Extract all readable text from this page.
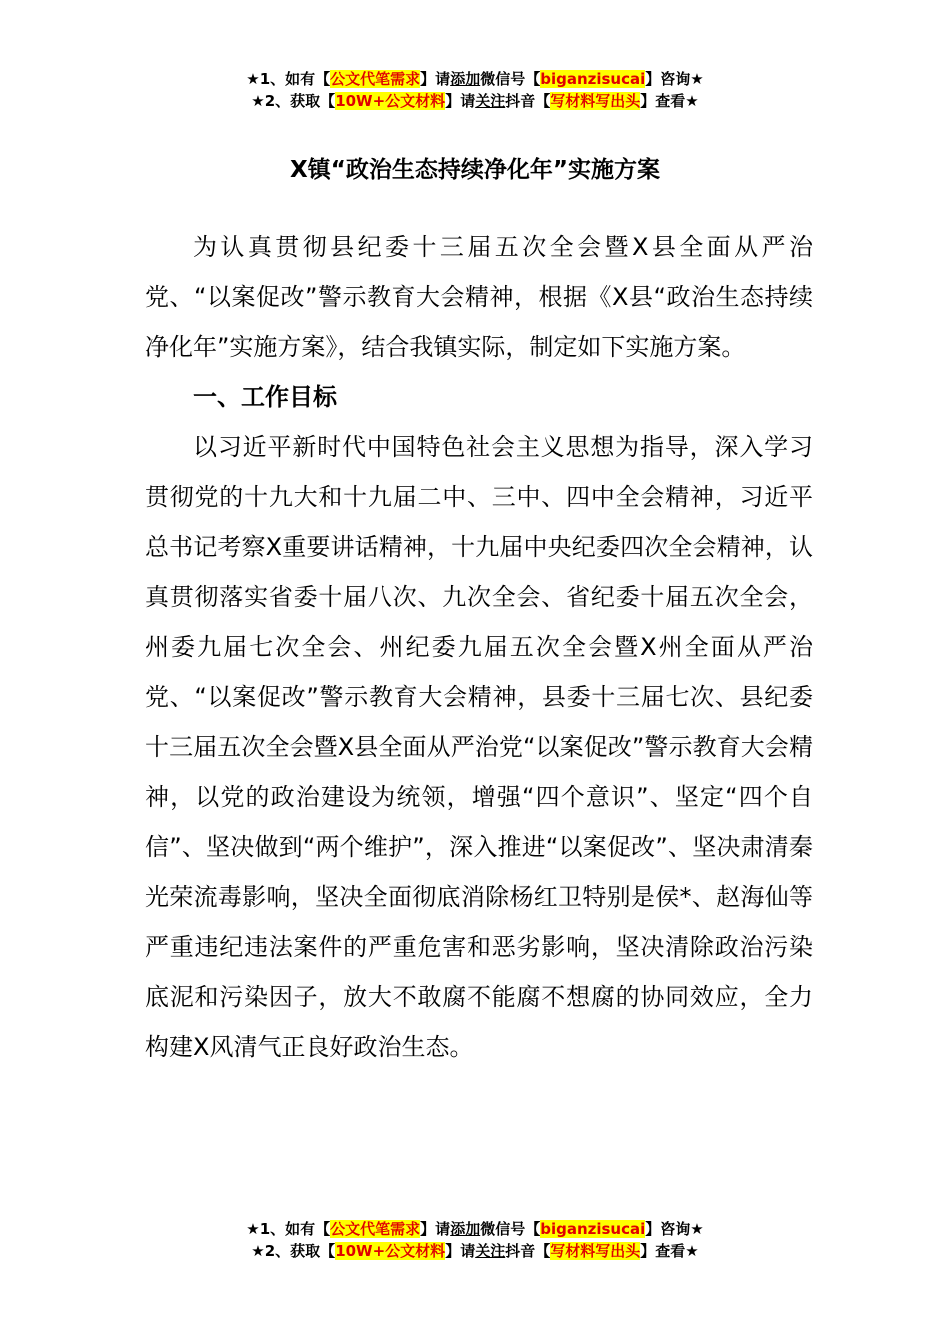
★1、如有【公文代笔需求】请添加微信号【biganzisucai】咨询★
★2、获取【10W+公文材料】请关注抖音【写材料写出头】查看★
X镇“政治生态持续净化年”实施方案

为认真贯彻县纪委十三届五次全会暨X县全面从严治党、“以案促改”警示教育大会精神，根据《X县“政治生态持续净化年”实施方案》，结合我镇实际，制定如下实施方案。

一、工作目标

以习近平新时代中国特色社会主义思想为指导，深入学习贯彻党的十九大和十九届二中、三中、四中全会精神，习近平总书记考察X重要讲话精神，十九届中央纪委四次全会精神，认真贯彻落实省委十届八次、九次全会、省纪委十届五次全会，州委九届七次全会、州纪委九届五次全会暨X州全面从严治党、“以案促改”警示教育大会精神，县委十三届七次、县纪委十三届五次全会暨X县全面从严治党“以案促改”警示教育大会精神，以党的政治建设为统领，增强“四个意识”、坚定“四个自信”、坚决做到“两个维护”，深入推进“以案促改”、坚决肃清秦光荣流毒影响，坚决全面彻底消除杨红卫特别是侯*、赵海仙等严重违纪违法案件的严重危害和恶劣影响，坚决清除政治污染底泥和污染因子，放大不敢腐不能腐不想腐的协同效应，全力构建X风清气正良好政治生态。

★1、如有【公文代笔需求】请添加微信号【biganzisucai】咨询★
★2、获取【10W+公文材料】请关注抖音【写材料写出头】查看★
